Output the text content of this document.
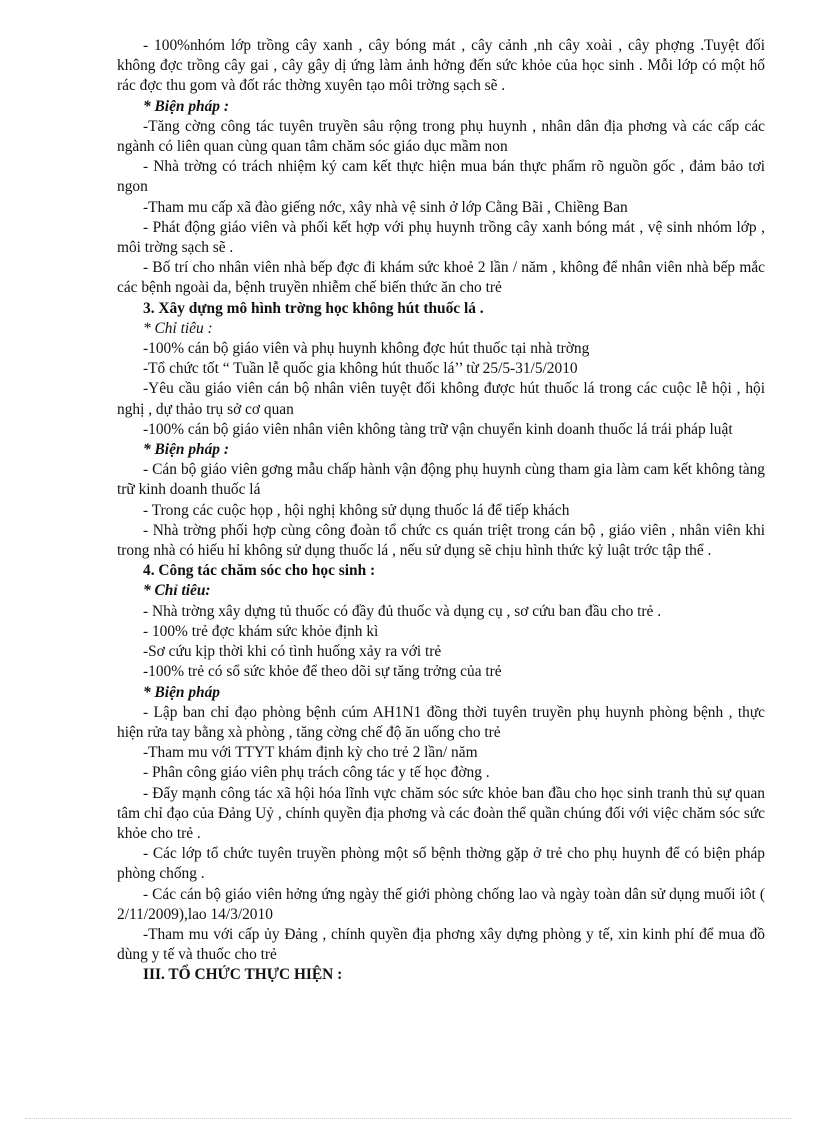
- 100%nhóm lớp trồng cây xanh , cây bóng mát , cây cảnh ,nh cây xoài , cây phợng .Tuyệt đối không đợc trồng cây gai , cây gây dị ứng làm ảnh hởng đến sức khỏe của học sinh . Mỗi lớp có một hố rác đợc thu gom và đốt rác thờng xuyên tạo môi trờng sạch sẽ .

* Biện pháp :

-Tăng cờng công tác tuyên truyền sâu rộng trong phụ huynh , nhân dân địa phơng và các cấp các ngành có liên quan cùng quan tâm chăm sóc giáo dục mầm non

- Nhà trờng có trách nhiệm ký cam kết thực hiện mua bán thực phẩm rõ nguồn gốc , đảm bảo tơi ngon

-Tham mu cấp xã đào giếng nớc, xây nhà vệ sinh ở lớp Cằng Bãi , Chiềng Ban

- Phát động giáo viên và phối kết hợp với phụ huynh trồng cây xanh bóng mát , vệ sinh nhóm lớp , môi trờng sạch sẽ .

- Bố trí cho nhân viên nhà bếp đợc đi khám sức khoẻ 2 lần / năm , không để nhân viên nhà bếp mắc các bệnh ngoài da, bệnh truyền nhiễm chế biến thức ăn cho trẻ

3. Xây dựng mô hình trờng học không hút thuốc lá .

* Chỉ tiêu :

-100% cán bộ giáo viên và phụ huynh không đợc hút thuốc tại nhà trờng

-Tổ chức tốt “ Tuần lễ quốc gia không hút thuốc lá’’ từ 25/5-31/5/2010

-Yêu cầu giáo viên cán bộ nhân viên tuyệt đối không được hút thuốc lá trong các cuộc lễ hội , hội nghị , dự thảo trụ sở cơ quan

-100% cán bộ giáo viên nhân viên không tàng trữ vận chuyển kinh doanh thuốc lá trái pháp luật

* Biện pháp :

- Cán bộ giáo viên gơng mẫu chấp hành vận động phụ huynh cùng tham gia làm cam kết không tàng trữ kinh doanh thuốc lá

- Trong các cuộc họp , hội nghị không sử dụng thuốc lá để tiếp khách

- Nhà trờng phối hợp cùng công đoàn tổ chức cs quán triệt trong cán bộ , giáo viên , nhân viên khi trong nhà có hiếu hỉ không sử dụng thuốc lá , nếu sử dụng sẽ chịu hình thức kỷ luật trớc tập thể .

4. Công tác chăm sóc cho học sinh :

* Chỉ tiêu:

- Nhà trờng xây dựng tủ thuốc có đầy đủ thuốc và dụng cụ , sơ cứu ban đầu cho trẻ .

- 100% trẻ đợc khám sức khỏe định kì

-Sơ cứu kịp thời khi có tình huống xảy ra với trẻ

-100% trẻ có sổ sức khỏe để theo dõi sự tăng trởng của trẻ

* Biện pháp

- Lập ban chỉ đạo phòng bệnh cúm AH1N1 đồng thời tuyên truyền phụ huynh phòng bệnh , thực hiện rửa tay bằng xà phòng , tăng cờng chế độ ăn uống cho trẻ

-Tham mu với TTYT khám định kỳ cho trẻ 2 lần/ năm

- Phân công giáo viên phụ trách công tác y tế học đờng .

- Đẩy mạnh công tác xã hội hóa lĩnh vực chăm sóc sức khỏe ban đầu cho học sinh tranh thủ sự quan tâm chỉ đạo của Đảng Uỷ , chính quyền địa phơng và các đoàn thể quần chúng đối với việc chăm sóc sức khỏe cho trẻ .

- Các lớp tổ chức tuyên truyền phòng một số bệnh thờng gặp ở trẻ cho phụ huynh để có biện pháp phòng chống .

- Các cán bộ giáo viên hởng ứng ngày thế giới phòng chống lao và ngày toàn dân sử dụng muối iôt ( 2/11/2009),lao 14/3/2010

-Tham mu với cấp ủy Đảng , chính quyền địa phơng xây dựng phòng y tế, xin kinh phí để mua đồ dùng y tế và thuốc cho trẻ

III. TỔ CHỨC THỰC HIỆN :
